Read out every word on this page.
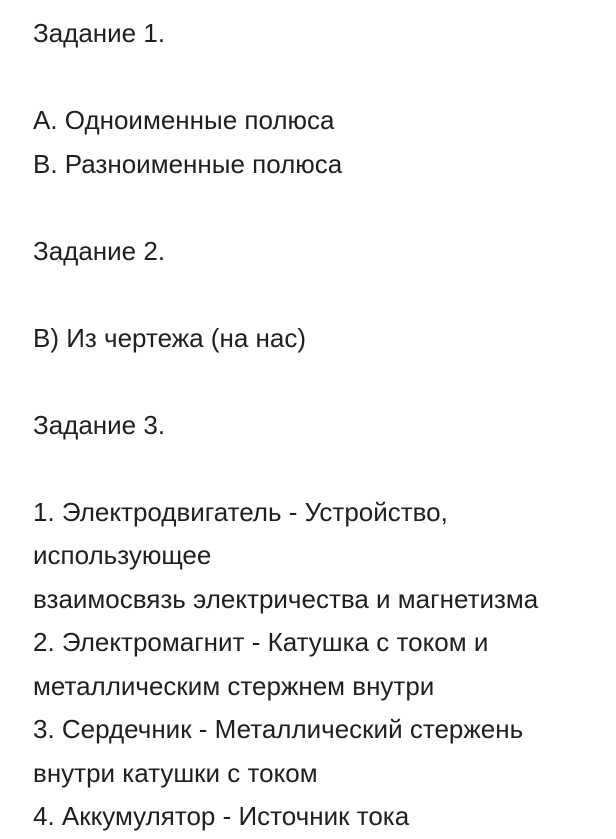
Задание 1.
А. Одноименные полюса
В. Разноименные полюса
Задание 2.
В) Из чертежа (на нас)
Задание 3.
1. Электродвигатель - Устройство,
использующее
взаимосвязь электричества и магнетизма
2. Электромагнит - Катушка с током и
металлическим стержнем внутри
3. Сердечник - Металлический стержень
внутри катушки с током
4. Аккумулятор - Источник тока
